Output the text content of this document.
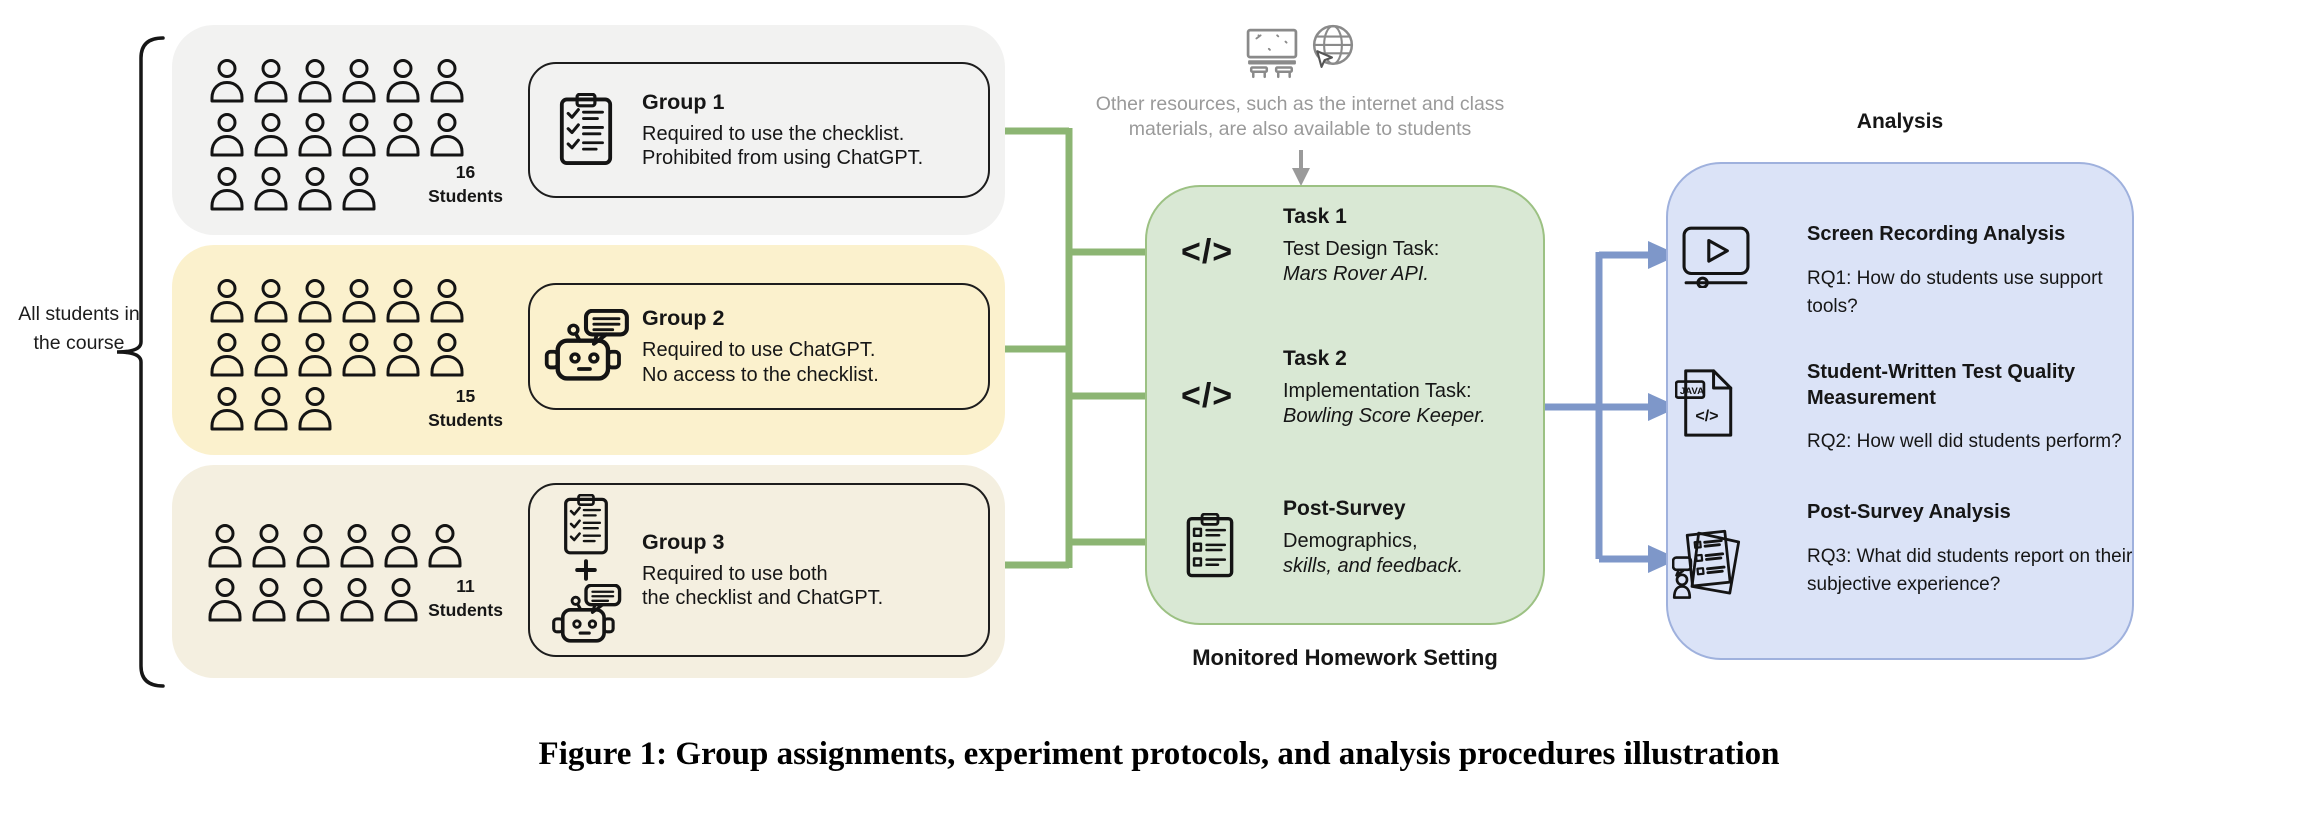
All students in the course
16
Students
Group 1
Required to use the checklist.
Prohibited from using ChatGPT.
15
Students
Group 2
Required to use ChatGPT.
No access to the checklist.
11
Students
Group 3
Required to use both
the checklist and ChatGPT.
Other resources, such as the internet and class
materials, are also available to students
</>
Task 1
Test Design Task:
Mars Rover API.
</>
Task 2
Implementation Task:
Bowling Score Keeper.
Post-Survey
Demographics,
skills, and feedback.
Monitored Homework Setting
Analysis
Screen Recording Analysis
RQ1: How do students use support tools?
JAVA
</>
Student-Written Test Quality Measurement
RQ2: How well did students perform?
Post-Survey Analysis
RQ3: What did students report on their subjective experience?
Figure 1: Group assignments, experiment protocols, and analysis procedures illustration
